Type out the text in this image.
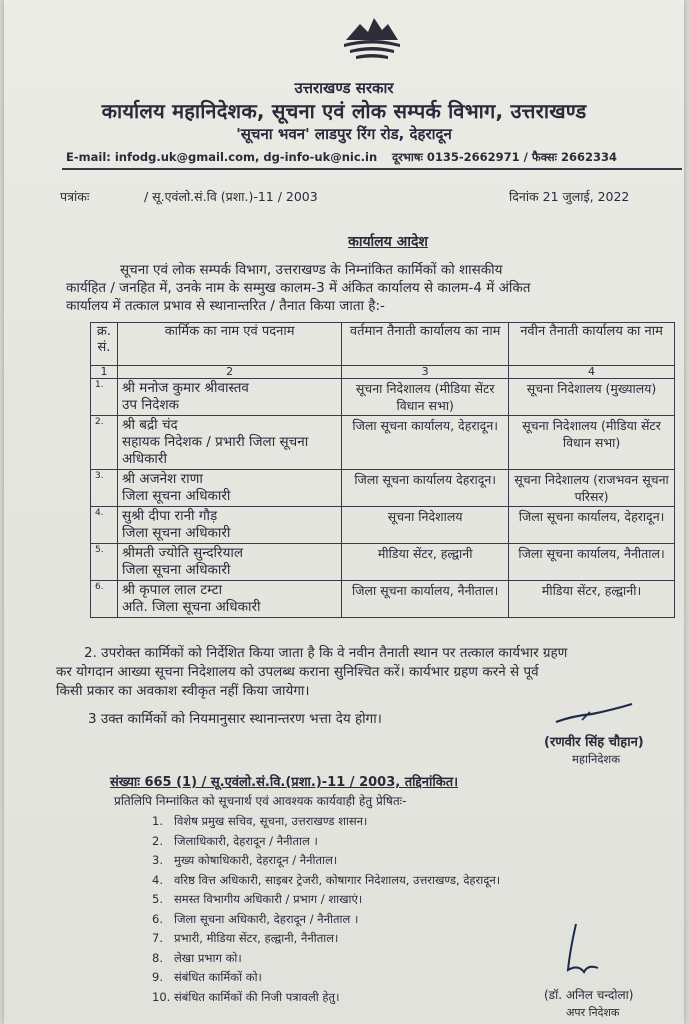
उत्तराखण्ड सरकार
कार्यालय महानिदेशक, सूचना एवं लोक सम्पर्क विभाग, उत्तराखण्ड
'सूचना भवन' लाडपुर रिंग रोड, देहरादून
E-mail: infodg.uk@gmail.com, dg-info-uk@nic.in दूरभाषः 0135-2662971 / फैक्सः 2662334
पत्रांकः	/ सू.एवंलो.सं.वि (प्रशा.)-11 / 2003	दिनांक 21 जुलाई, 2022
कार्यालय आदेश
सूचना एवं लोक सम्पर्क विभाग, उत्तराखण्ड के निम्नांकित कार्मिकों को शासकीय
कार्यहित / जनहित में, उनके नाम के सम्मुख कालम-3 में अंकित कार्यालय से कालम-4 में अंकित
कार्यालय में तत्काल प्रभाव से स्थानान्तरित / तैनात किया जाता है:-
क्र. सं.	कार्मिक का नाम एवं पदनाम	वर्तमान तैनाती कार्यालय का नाम	नवीन तैनाती कार्यालय का नाम
1	2	3	4
1.	श्री मनोज कुमार श्रीवास्तव
उप निदेशक	सूचना निदेशालय (मीडिया सेंटर विधान सभा)	सूचना निदेशालय (मुख्यालय)
2.	श्री बद्री चंद
सहायक निदेशक / प्रभारी जिला सूचना अधिकारी	जिला सूचना कार्यालय, देहरादून।	सूचना निदेशालय (मीडिया सेंटर विधान सभा)
3.	श्री अजनेश राणा
जिला सूचना अधिकारी	जिला सूचना कार्यालय देहरादून।	सूचना निदेशालय (राजभवन सूचना परिसर)
4.	सुश्री दीपा रानी गौड़
जिला सूचना अधिकारी	सूचना निदेशालय	जिला सूचना कार्यालय, देहरादून।
5.	श्रीमती ज्योति सुन्दरियाल
जिला सूचना अधिकारी	मीडिया सेंटर, हल्द्वानी	जिला सूचना कार्यालय, नैनीताल।
6.	श्री कृपाल लाल टम्टा
अति. जिला सूचना अधिकारी	जिला सूचना कार्यालय, नैनीताल।	मीडिया सेंटर, हल्द्वानी।
2. उपरोक्त कार्मिकों को निर्देशित किया जाता है कि वे नवीन तैनाती स्थान पर तत्काल कार्यभार ग्रहण
कर योगदान आख्या सूचना निदेशालय को उपलब्ध कराना सुनिश्चित करें। कार्यभार ग्रहण करने से पूर्व
किसी प्रकार का अवकाश स्वीकृत नहीं किया जायेगा।
3 उक्त कार्मिकों को नियमानुसार स्थानान्तरण भत्ता देय होगा।
(रणवीर सिंह चौहान)
महानिदेशक
संख्याः 665 (1) / सू.एवंलो.सं.वि.(प्रशा.)-11 / 2003, तद्दिनांकित।
प्रतिलिपि निम्नांकित को सूचनार्थ एवं आवश्यक कार्यवाही हेतु प्रेषितः-
1. विशेष प्रमुख सचिव, सूचना, उत्तराखण्ड शासन।
2. जिलाधिकारी, देहरादून / नैनीताल ।
3. मुख्य कोषाधिकारी, देहरादून / नैनीताल।
4. वरिष्ठ वित्त अधिकारी, साइबर ट्रेजरी, कोषागार निदेशालय, उत्तराखण्ड, देहरादून।
5. समस्त विभागीय अधिकारी / प्रभाग / शाखाएं।
6. जिला सूचना अधिकारी, देहरादून / नैनीताल ।
7. प्रभारी, मीडिया सेंटर, हल्द्वानी, नैनीताल।
8. लेखा प्रभाग को।
9. संबंधित कार्मिकों को।
10. संबंधित कार्मिकों की निजी पत्रावली हेतु।	(डॉ. अनिल चन्दोला)
अपर निदेशक
